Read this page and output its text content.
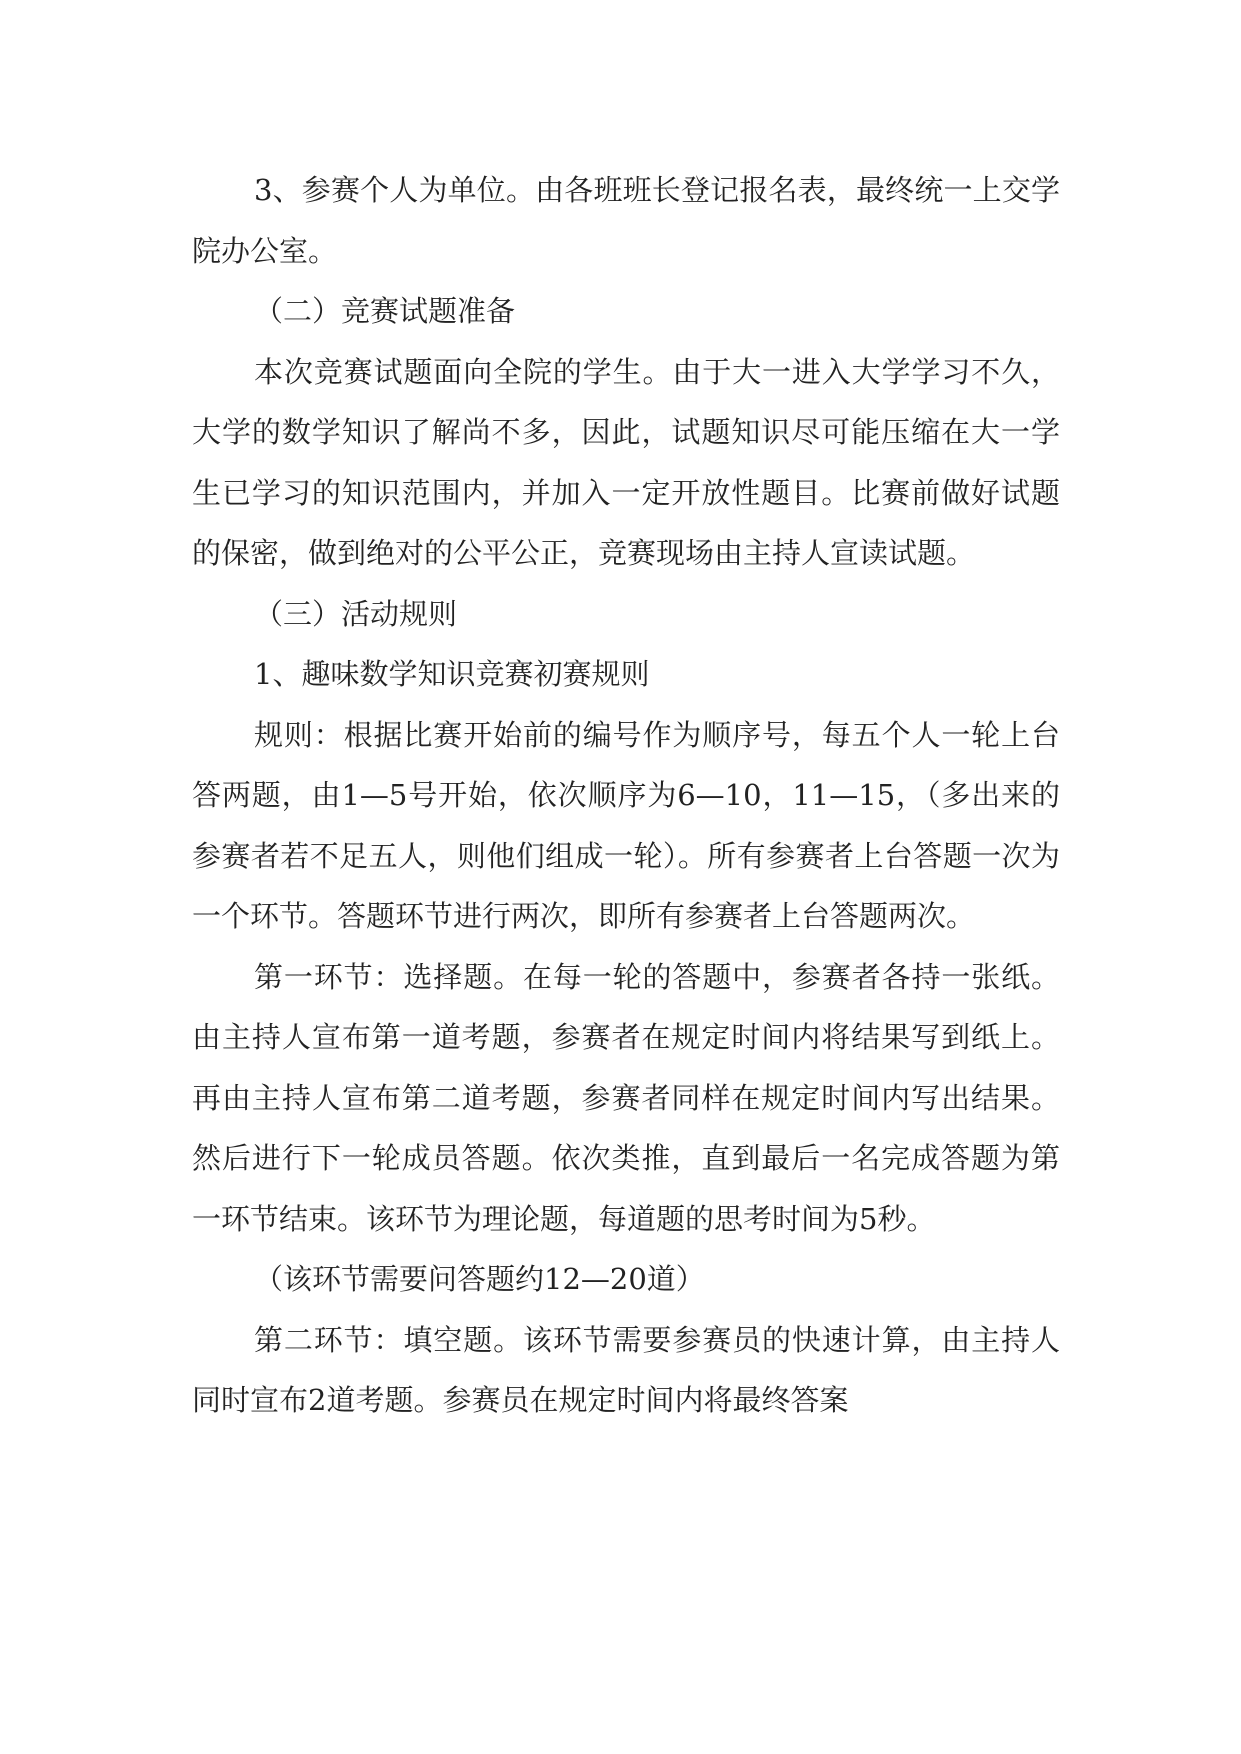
3、参赛个人为单位。由各班班长登记报名表，最终统一上交学院办公室。

（二）竞赛试题准备

本次竞赛试题面向全院的学生。由于大一进入大学学习不久，大学的数学知识了解尚不多，因此，试题知识尽可能压缩在大一学生已学习的知识范围内，并加入一定开放性题目。比赛前做好试题的保密，做到绝对的公平公正，竞赛现场由主持人宣读试题。

（三）活动规则

1、趣味数学知识竞赛初赛规则

规则：根据比赛开始前的编号作为顺序号，每五个人一轮上台答两题，由1—5号开始，依次顺序为6—10，11—15，（多出来的参赛者若不足五人，则他们组成一轮）。所有参赛者上台答题一次为一个环节。答题环节进行两次，即所有参赛者上台答题两次。

第一环节：选择题。在每一轮的答题中，参赛者各持一张纸。由主持人宣布第一道考题，参赛者在规定时间内将结果写到纸上。再由主持人宣布第二道考题，参赛者同样在规定时间内写出结果。然后进行下一轮成员答题。依次类推，直到最后一名完成答题为第一环节结束。该环节为理论题，每道题的思考时间为5秒。

（该环节需要问答题约12—20道）

第二环节：填空题。该环节需要参赛员的快速计算，由主持人同时宣布2道考题。参赛员在规定时间内将最终答案
